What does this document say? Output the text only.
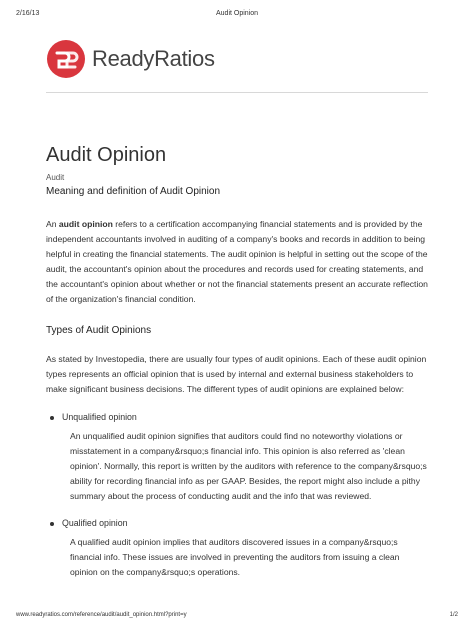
2/16/13	Audit Opinion
ReadyRatios
Audit Opinion
Audit
Meaning and definition of Audit Opinion

An audit opinion refers to a certification accompanying financial statements and is provided by the independent accountants involved in auditing of a company's books and records in addition to being helpful in creating the financial statements. The audit opinion is helpful in setting out the scope of the audit, the accountant's opinion about the procedures and records used for creating statements, and the accountant's opinion about whether or not the financial statements present an accurate reflection of the organization's financial condition.

Types of Audit Opinions

As stated by Investopedia, there are usually four types of audit opinions. Each of these audit opinion types represents an official opinion that is used by internal and external business stakeholders to make significant business decisions. The different types of audit opinions are explained below:

Unqualified opinion

An unqualified audit opinion signifies that auditors could find no noteworthy violations or misstatement in a company&rsquo;s financial info. This opinion is also referred as 'clean opinion'. Normally, this report is written by the auditors with reference to the company&rsquo;s ability for recording financial info as per GAAP. Besides, the report might also include a pithy summary about the process of conducting audit and the info that was reviewed.

Qualified opinion

A qualified audit opinion implies that auditors discovered issues in a company&rsquo;s financial info. These issues are involved in preventing the auditors from issuing a clean opinion on the company&rsquo;s operations.

www.readyratios.com/reference/audit/audit_opinion.html?print=y	1/2
